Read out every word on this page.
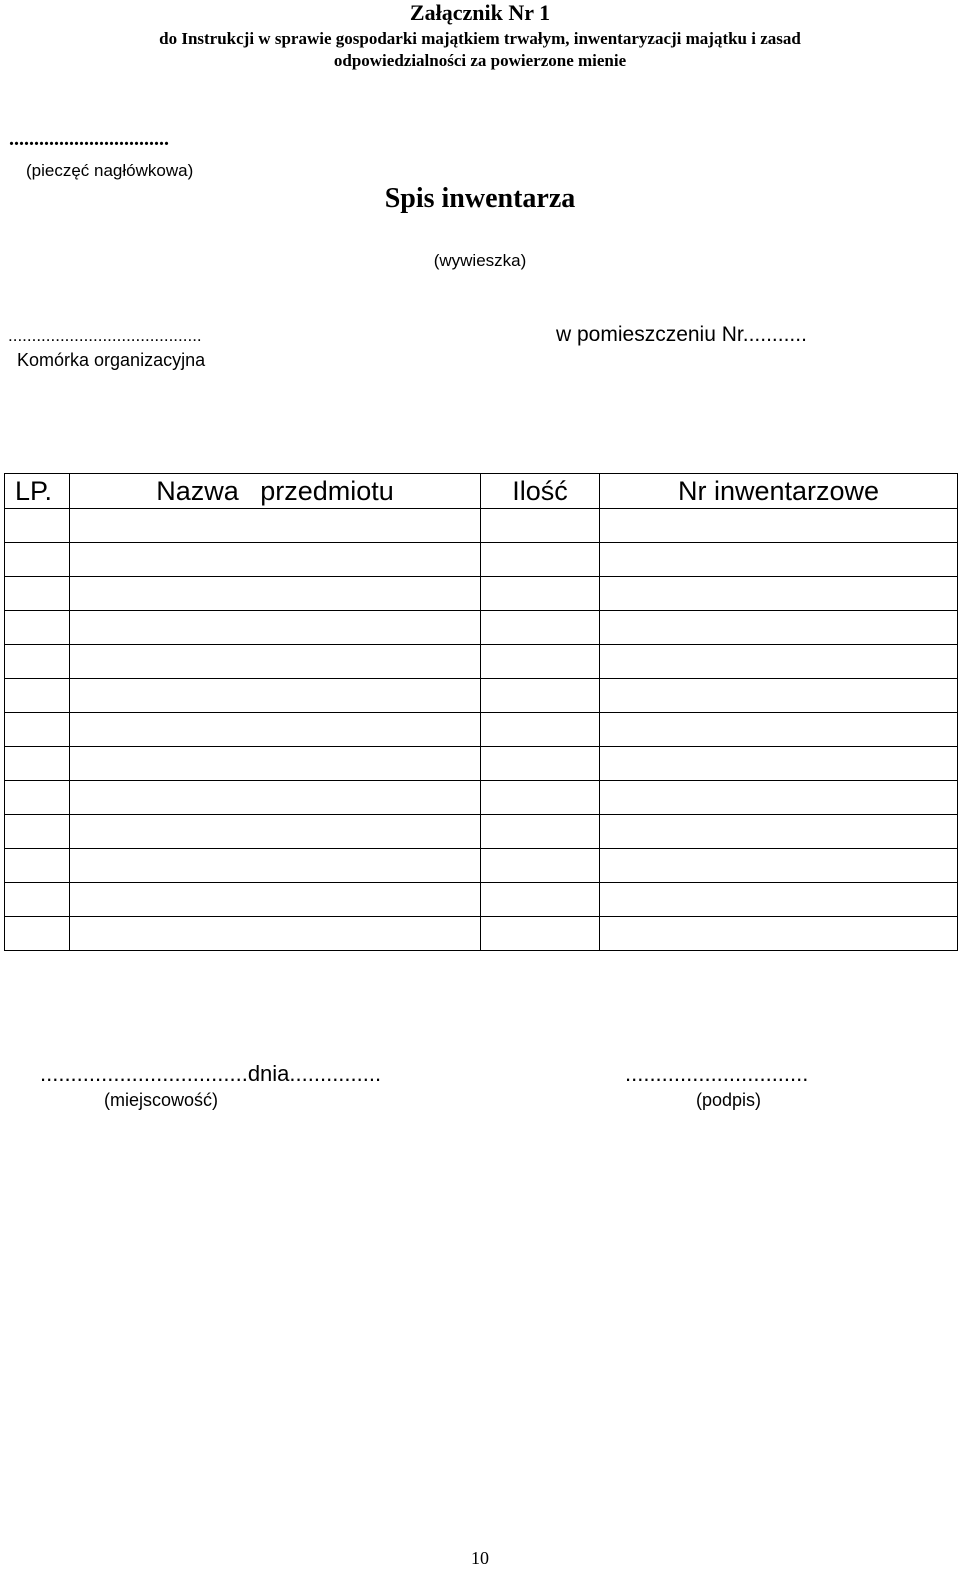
Załącznik Nr 1
do Instrukcji w sprawie gospodarki majątkiem trwałym, inwentaryzacji majątku i zasad
odpowiedzialności za powierzone mienie
................................
(pieczęć nagłówkowa)
Spis inwentarza
(wywieszka)
.........................................
Komórka organizacyjna
w pomieszczeniu Nr...........
LP.	Nazwa przedmiotu	Ilość	Nr inwentarzowe

..................................dnia...............
(miejscowość)
..............................
(podpis)
10
